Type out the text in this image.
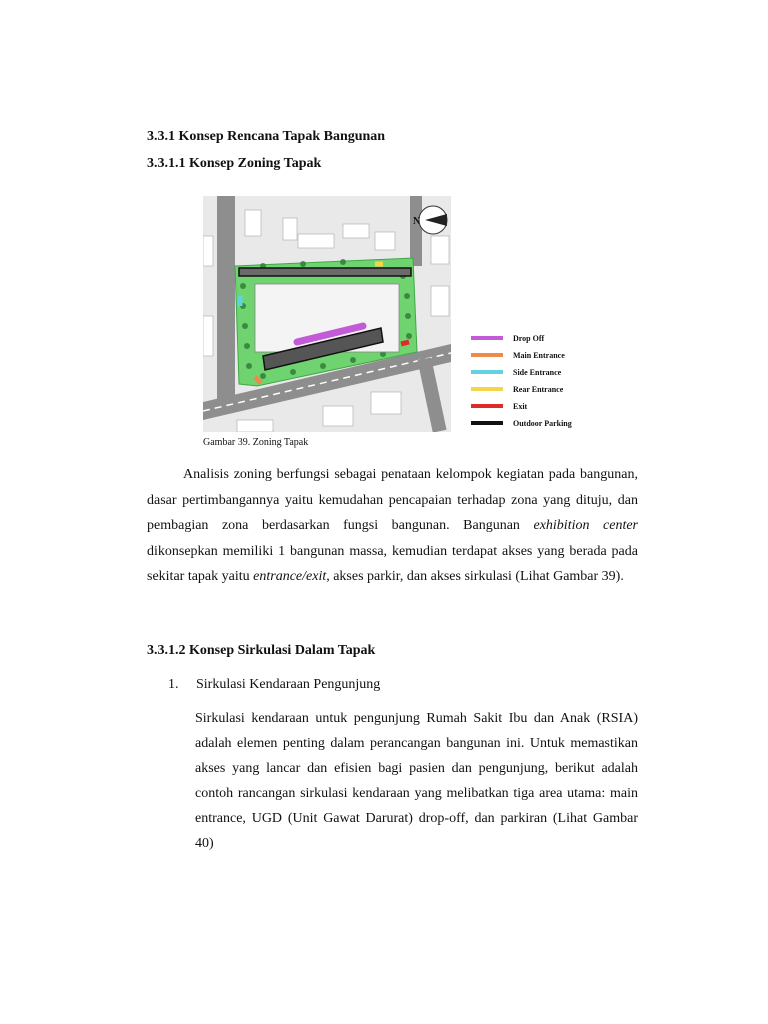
3.3.1 Konsep Rencana Tapak Bangunan
3.3.1.1 Konsep Zoning Tapak
N
Drop Off
Main Entrance
Side Entrance
Rear Entrance
Exit
Outdoor Parking
Gambar 39. Zoning Tapak

Analisis zoning berfungsi sebagai penataan kelompok kegiatan pada bangunan, dasar pertimbangannya yaitu kemudahan pencapaian terhadap zona yang dituju, dan pembagian zona berdasarkan fungsi bangunan. Bangunan exhibition center dikonsepkan memiliki 1 bangunan massa, kemudian terdapat akses yang berada pada sekitar tapak yaitu entrance/exit, akses parkir, dan akses sirkulasi (Lihat Gambar 39).

3.3.1.2 Konsep Sirkulasi Dalam Tapak
1. Sirkulasi Kendaraan Pengunjung

Sirkulasi kendaraan untuk pengunjung Rumah Sakit Ibu dan Anak (RSIA) adalah elemen penting dalam perancangan bangunan ini. Untuk memastikan akses yang lancar dan efisien bagi pasien dan pengunjung, berikut adalah contoh rancangan sirkulasi kendaraan yang melibatkan tiga area utama: main entrance, UGD (Unit Gawat Darurat) drop-off, dan parkiran (Lihat Gambar 40)
